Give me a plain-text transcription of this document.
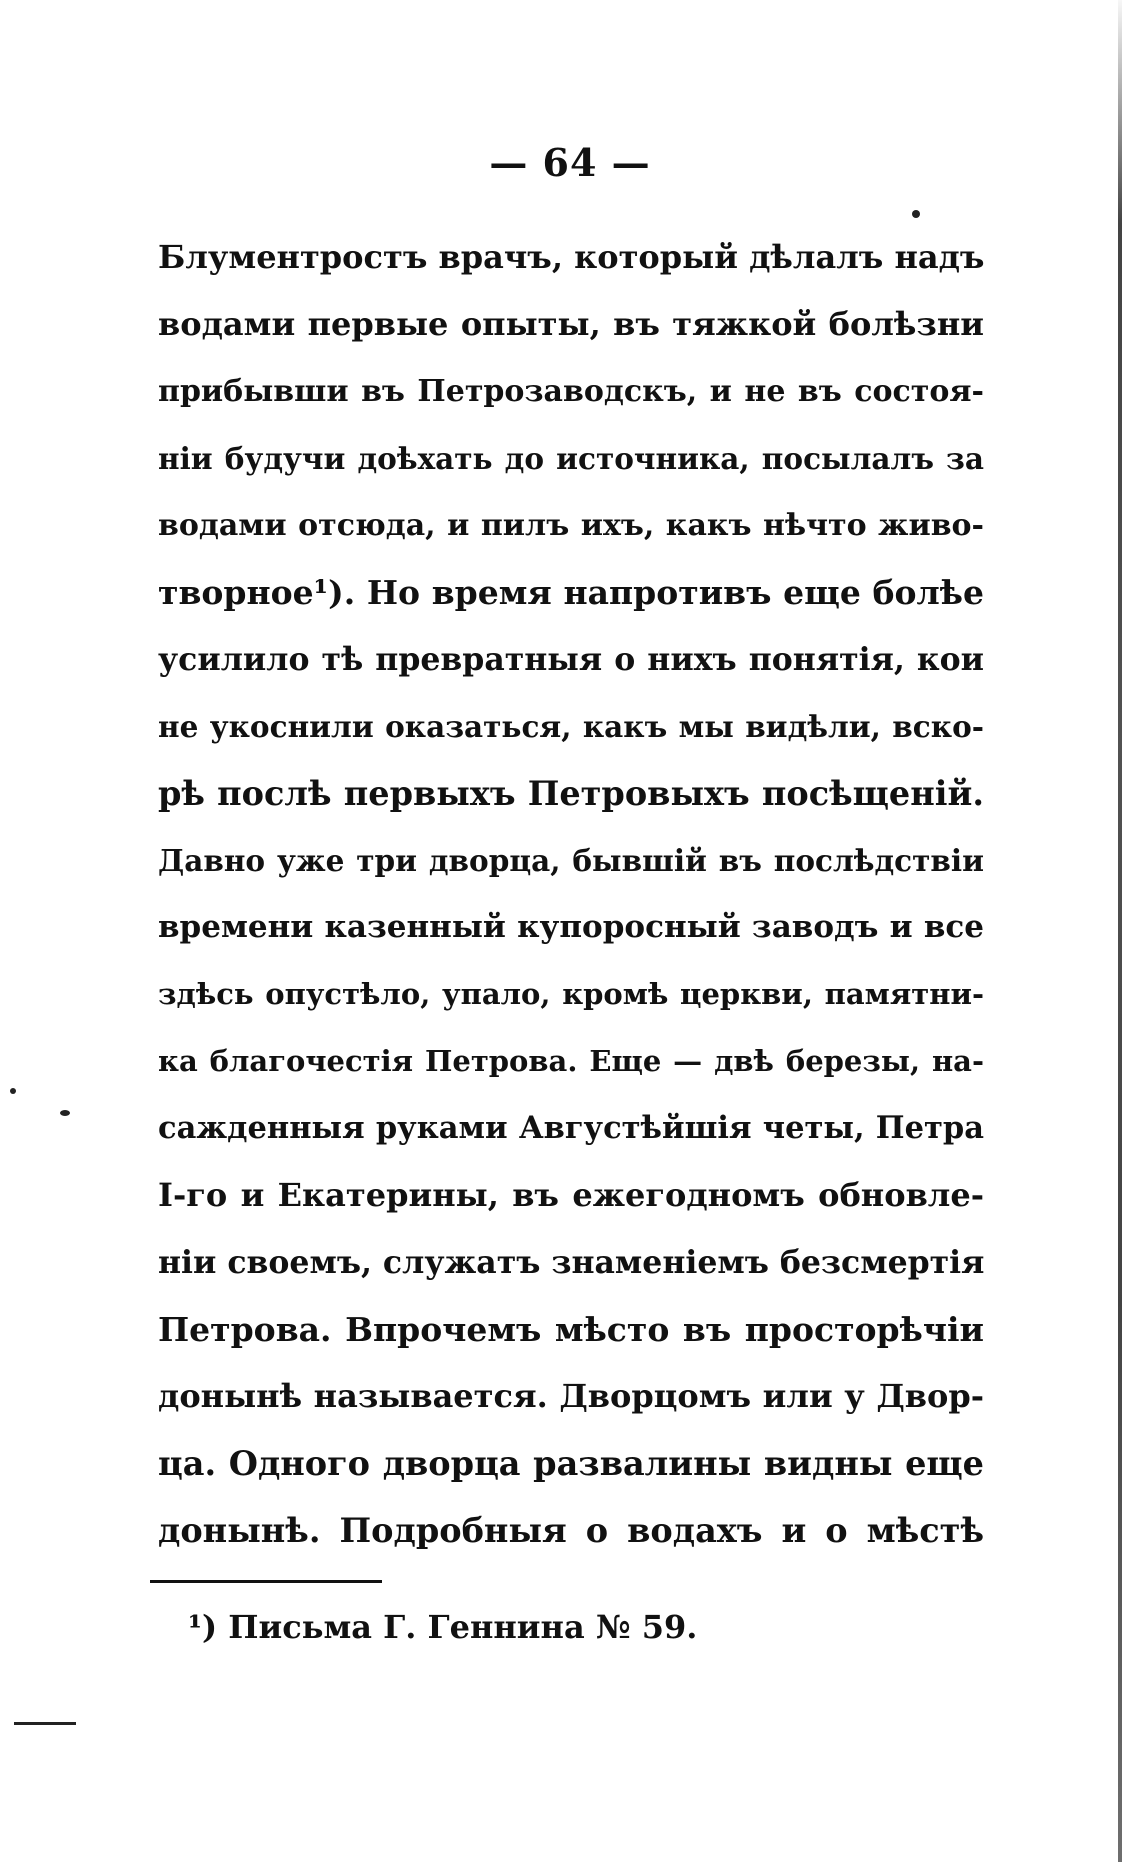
— 64 —
Блументростъ врачъ, который дѣлалъ надъ
водами первые опыты, въ тяжкой болѣзни
прибывши въ Петрозаводскъ, и не въ состоя-
ніи будучи доѣхать до источника, посылалъ за
водами отсюда, и пилъ ихъ, какъ нѣчто живо-
творное¹). Но время напротивъ еще болѣе
усилило тѣ превратныя о нихъ понятія, кои
не укоснили оказаться, какъ мы видѣли, вско-
рѣ послѣ первыхъ Петровыхъ посѣщеній.
Давно уже три дворца, бывшій въ послѣдствіи
времени казенный купоросный заводъ и все
здѣсь опустѣло, упало, кромѣ церкви, памятни-
ка благочестія Петрова. Еще — двѣ березы, на-
сажденныя руками Августѣйшія четы, Петра
І-го и Екатерины, въ ежегодномъ обновле-
ніи своемъ, служатъ знаменіемъ безсмертія
Петрова. Впрочемъ мѣсто въ просторѣчіи
донынѣ называется. Дворцомъ или у Двор-
ца. Одного дворца развалины видны еще
донынѣ. Подробныя о водахъ и о мѣстѣ
¹) Письма Г. Геннина № 59.
